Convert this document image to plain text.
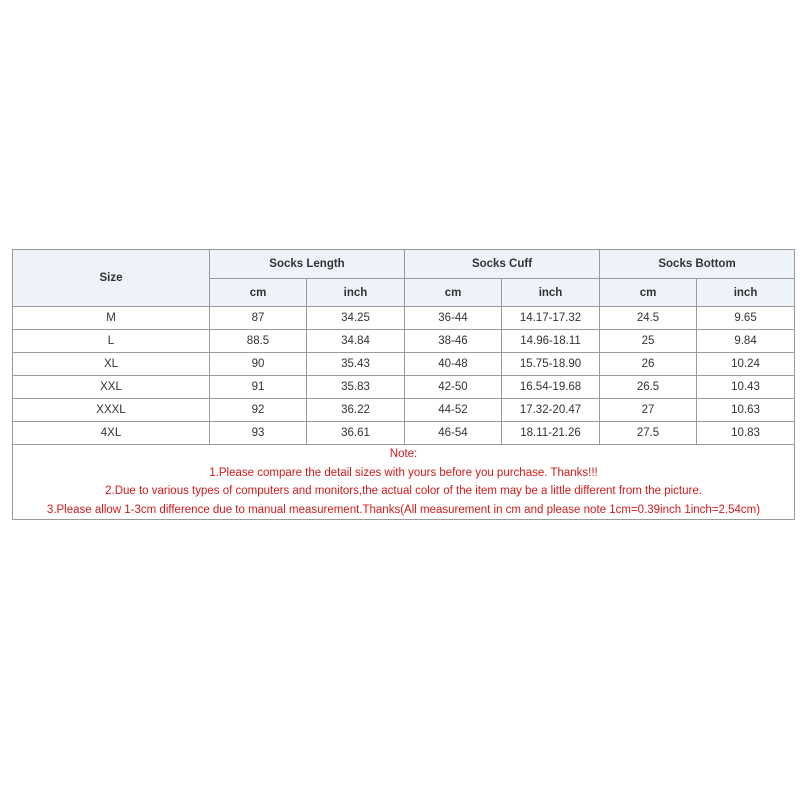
Size	Socks Length		Socks Cuff		Socks Bottom	
	cm	inch	cm	inch	cm	inch
M	87	34.25	36-44	14.17-17.32	24.5	9.65
L	88.5	34.84	38-46	14.96-18.11	25	9.84
XL	90	35.43	40-48	15.75-18.90	26	10.24
XXL	91	35.83	42-50	16.54-19.68	26.5	10.43
XXXL	92	36.22	44-52	17.32-20.47	27	10.63
4XL	93	36.61	46-54	18.11-21.26	27.5	10.83

Note:
1.Please compare the detail sizes with yours before you purchase. Thanks!!!
2.Due to various types of computers and monitors,the actual color of the item may be a little different from the picture.
3.Please allow 1-3cm difference due to manual measurement.Thanks(All measurement in cm and please note 1cm=0.39inch 1inch=2.54cm)						
